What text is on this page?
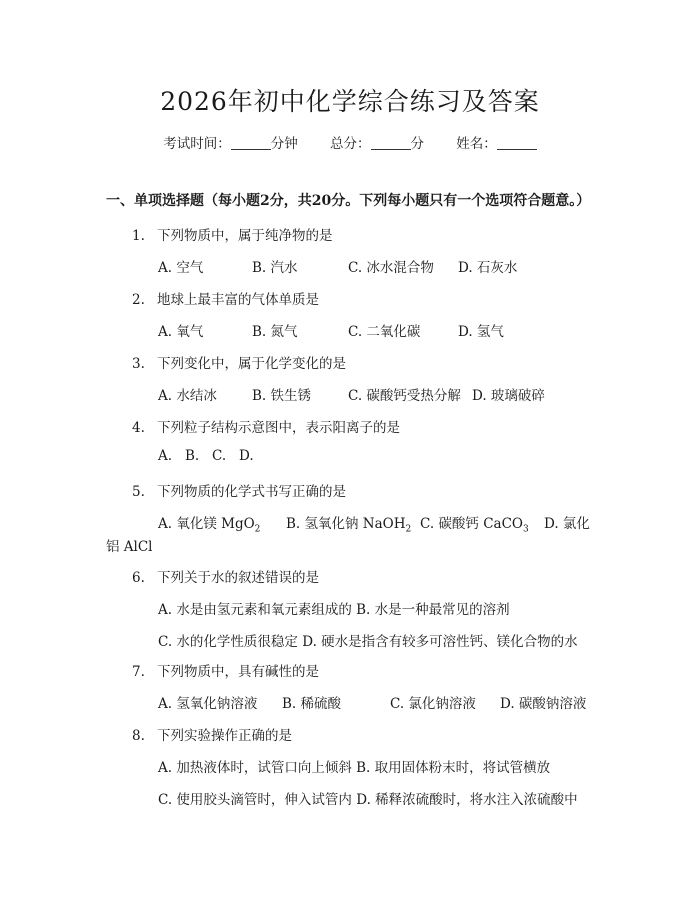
2026年初中化学综合练习及答案
考试时间：	分钟 总分：	分 姓名：
一、单项选择题（每小题2分，共20分。下列每小题只有一个选项符合题意。）
1. 下列物质中，属于纯净物的是
A. 空气	B. 汽水	C. 冰水混合物 D. 石灰水
2. 地球上最丰富的气体单质是
A. 氧气	B. 氮气	C. 二氧化碳	D. 氢气
3. 下列变化中，属于化学变化的是
A. 水结冰	B. 铁生锈	C. 碳酸钙受热分解 D. 玻璃破碎
4. 下列粒子结构示意图中，表示阳离子的是
A. B. C. D.
5. 下列物质的化学式书写正确的是
A. 氧化镁 MgO$_2$ B. 氢氧化钠 NaOH$_2$ C. 碳酸钙 CaCO$_3$ D. 氯化
铝 AlCl
6. 下列关于水的叙述错误的是
A. 水是由氢元素和氧元素组成的 B. 水是一种最常见的溶剂
C. 水的化学性质很稳定 D. 硬水是指含有较多可溶性钙、镁化合物的水
7. 下列物质中，具有碱性的是
A. 氢氧化钠溶液 B. 稀硫酸	C. 氯化钠溶液 D. 碳酸钠溶液
8. 下列实验操作正确的是
A. 加热液体时，试管口向上倾斜 B. 取用固体粉末时，将试管横放
C. 使用胶头滴管时，伸入试管内 D. 稀释浓硫酸时，将水注入浓硫酸中
